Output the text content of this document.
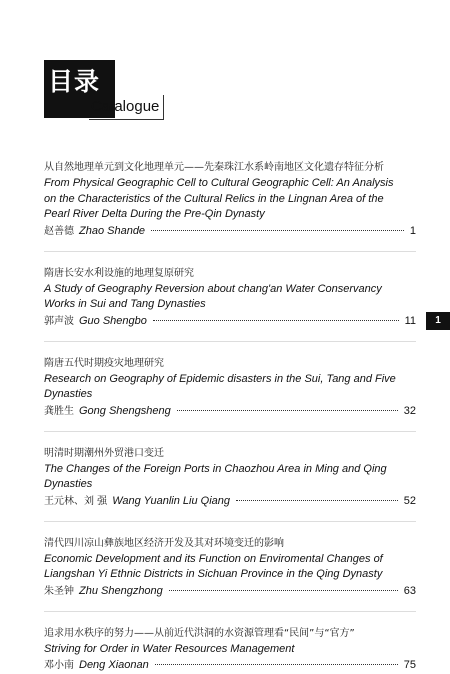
目录
Catalogue
1
从自然地理单元到文化地理单元——先秦珠江水系岭南地区文化遗存特征分析
From Physical Geographic Cell to Cultural Geographic Cell: An Analysis
on the Characteristics of the Cultural Relics in the Lingnan Area of the
Pearl River Delta During the Pre-Qin Dynasty
赵善德 Zhao Shande	1
隋唐长安水利设施的地理复原研究
A Study of Geography Reversion about chang'an Water Conservancy
Works in Sui and Tang Dynasties
郭声波 Guo Shengbo	11
隋唐五代时期疫灾地理研究
Research on Geography of Epidemic disasters in the Sui, Tang and Five
Dynasties
龚胜生 Gong Shengsheng	32
明清时期潮州外贸港口变迁
The Changes of the Foreign Ports in Chaozhou Area in Ming and Qing
Dynasties
王元林、刘 强 Wang Yuanlin Liu Qiang	52
清代四川凉山彝族地区经济开发及其对环境变迁的影响
Economic Development and its Function on Enviromental Changes of
Liangshan Yi Ethnic Districts in Sichuan Province in the Qing Dynasty
朱圣钟 Zhu Shengzhong	63
追求用水秩序的努力——从前近代洪洞的水资源管理看“民间”与“官方”
Striving for Order in Water Resources Management
邓小南 Deng Xiaonan	75
